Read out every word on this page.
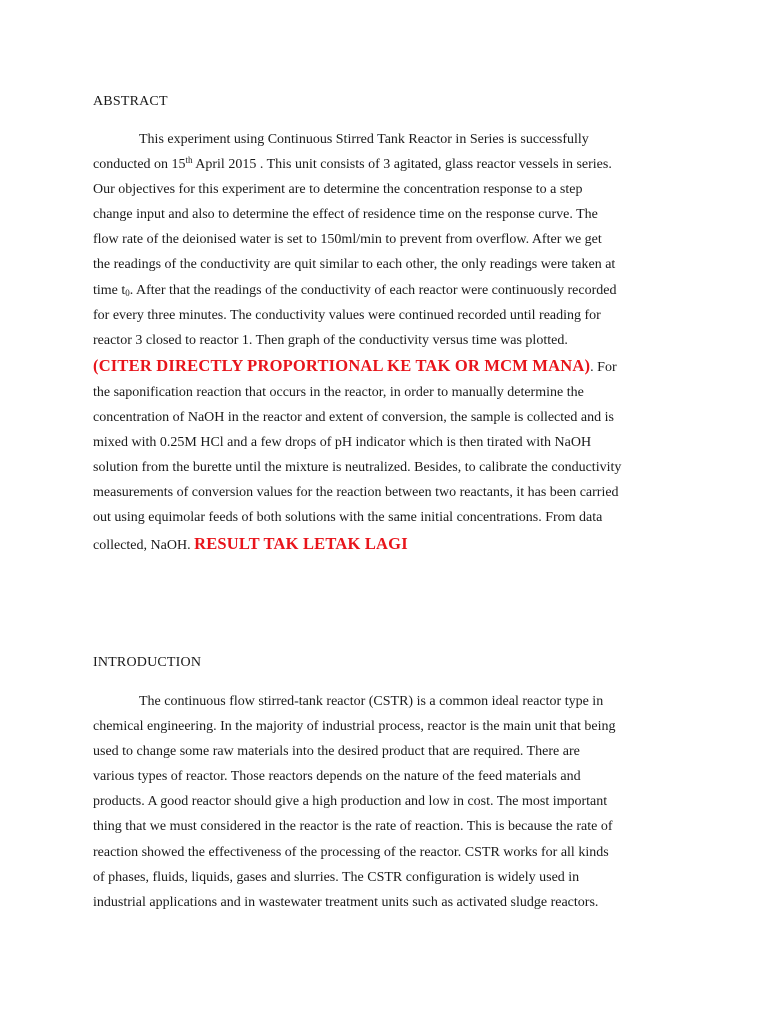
ABSTRACT
This experiment using Continuous Stirred Tank Reactor in Series is successfully
conducted on 15th April 2015 . This unit consists of 3 agitated, glass reactor vessels in series.
Our objectives for this experiment are to determine the concentration response to a step
change input and also to determine the effect of residence time on the response curve. The
flow rate of the deionised water is set to 150ml/min to prevent from overflow. After we get
the readings of the conductivity are quit similar to each other, the only readings were taken at
time $t_0$. After that the readings of the conductivity of each reactor were continuously recorded
for every three minutes. The conductivity values were continued recorded until reading for
reactor 3 closed to reactor 1. Then graph of the conductivity versus time was plotted.
(CITER DIRECTLY PROPORTIONAL KE TAK OR MCM MANA). For
the saponification reaction that occurs in the reactor, in order to manually determine the
concentration of NaOH in the reactor and extent of conversion, the sample is collected and is
mixed with 0.25M HCl and a few drops of pH indicator which is then tirated with NaOH
solution from the burette until the mixture is neutralized. Besides, to calibrate the conductivity
measurements of conversion values for the reaction between two reactants, it has been carried
out using equimolar feeds of both solutions with the same initial concentrations. From data
collected, NaOH. RESULT TAK LETAK LAGI
INTRODUCTION
The continuous flow stirred-tank reactor (CSTR) is a common ideal reactor type in
chemical engineering. In the majority of industrial process, reactor is the main unit that being
used to change some raw materials into the desired product that are required. There are
various types of reactor. Those reactors depends on the nature of the feed materials and
products. A good reactor should give a high production and low in cost. The most important
thing that we must considered in the reactor is the rate of reaction. This is because the rate of
reaction showed the effectiveness of the processing of the reactor. CSTR works for all kinds
of phases, fluids, liquids, gases and slurries. The CSTR configuration is widely used in
industrial applications and in wastewater treatment units such as activated sludge reactors.
